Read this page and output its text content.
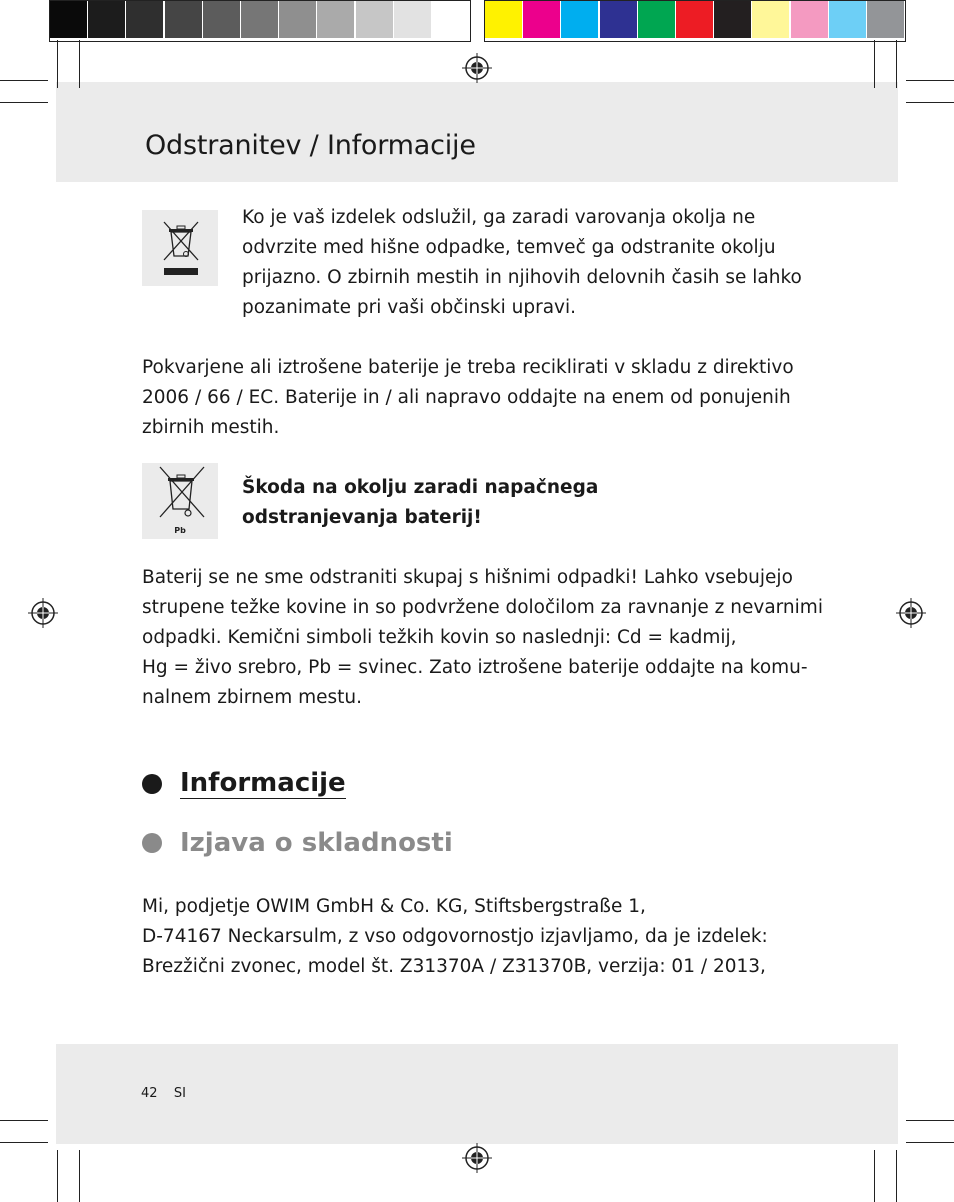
Odstranitev / Informacije
Ko je vaš izdelek odslužil, ga zaradi varovanja okolja ne
odvrzite med hišne odpadke, temveč ga odstranite okolju
prijazno. O zbirnih mestih in njihovih delovnih časih se lahko
pozanimate pri vaši občinski upravi.
Pokvarjene ali iztrošene baterije je treba reciklirati v skladu z direktivo
2006 / 66 / EC. Baterije in / ali napravo oddajte na enem od ponujenih
zbirnih mestih.
Pb
Škoda na okolju zaradi napačnega
odstranjevanja baterij!
Baterij se ne sme odstraniti skupaj s hišnimi odpadki! Lahko vsebujejo
strupene težke kovine in so podvržene določilom za ravnanje z nevarnimi
odpadki. Kemični simboli težkih kovin so naslednji: Cd = kadmij,
Hg = živo srebro, Pb = svinec. Zato iztrošene baterije oddajte na komu-
nalnem zbirnem mestu.
Informacije
Izjava o skladnosti
Mi, podjetje OWIM GmbH & Co. KG, Stiftsbergstraße 1,
D-74167 Neckarsulm, z vso odgovornostjo izjavljamo, da je izdelek:
Brezžični zvonec, model št. Z31370A / Z31370B, verzija: 01 / 2013,
42 SI
